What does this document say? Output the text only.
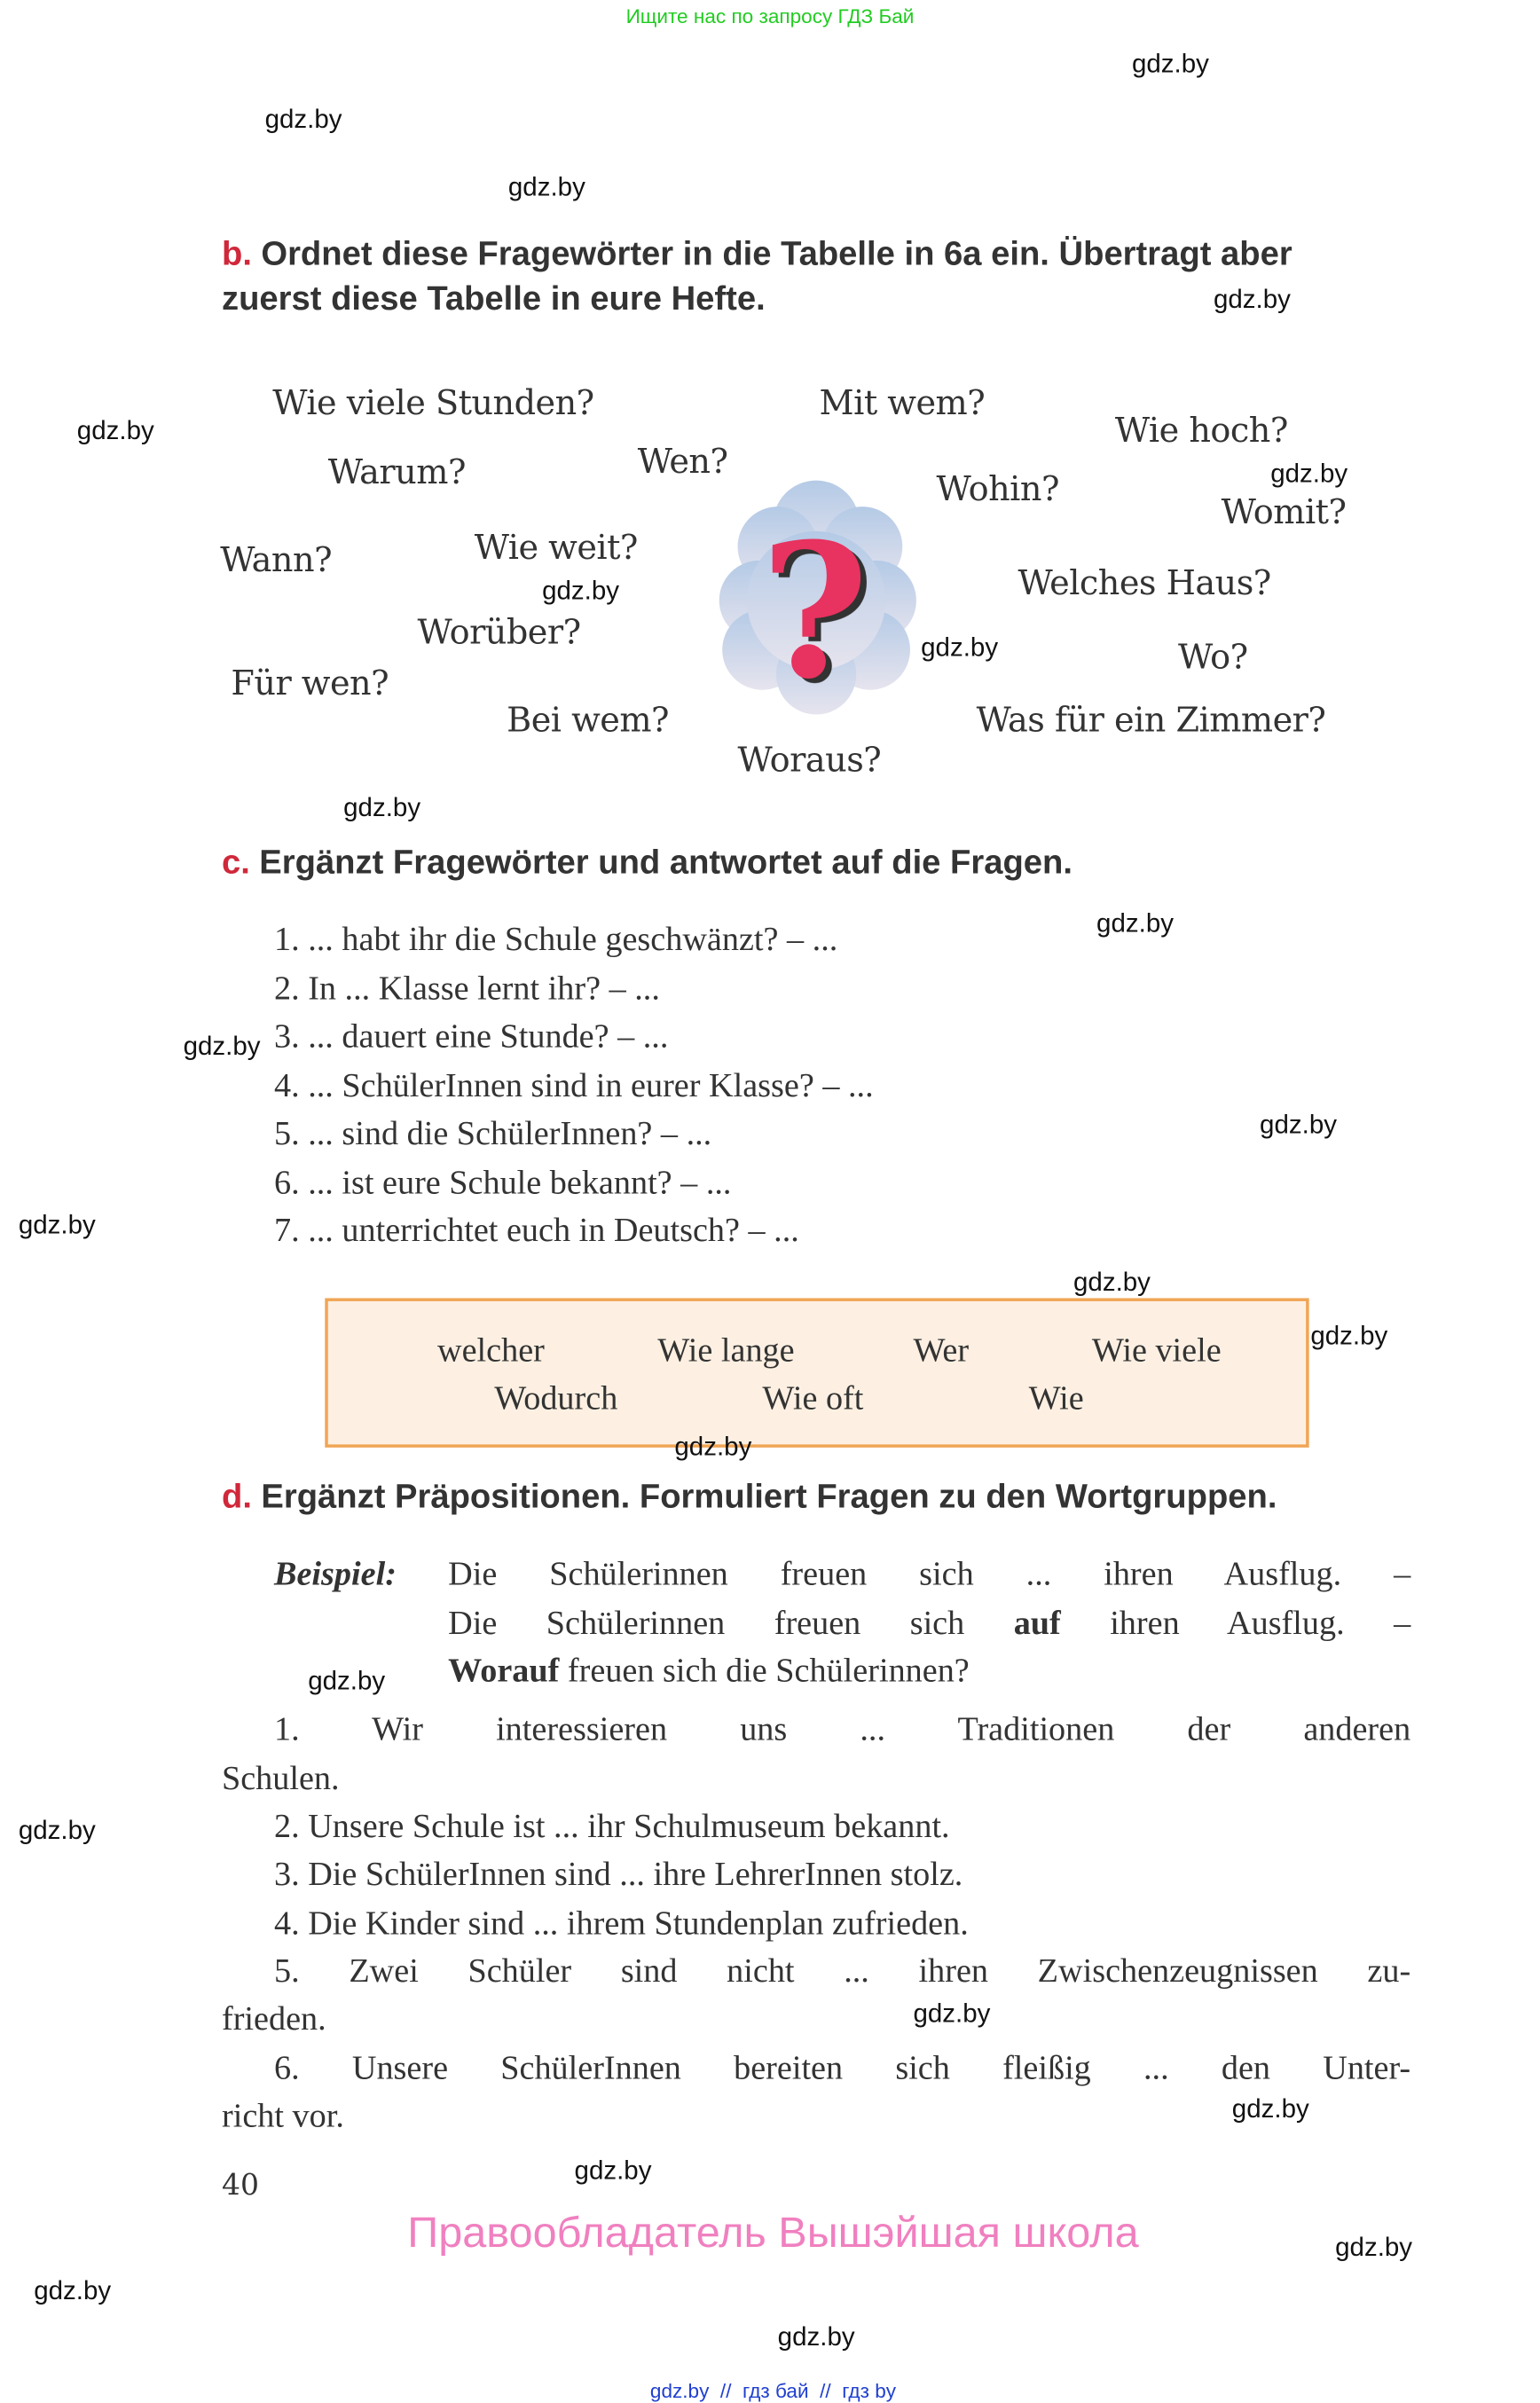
Ищите нас по запросу ГДЗ Бай
gdz.by
gdz.by
gdz.by
gdz.by
gdz.by
gdz.by
gdz.by
gdz.by
gdz.by
gdz.by
gdz.by
gdz.by
gdz.by
gdz.by
gdz.by
gdz.by
gdz.by
gdz.by
gdz.by
gdz.by
gdz.by
gdz.by
b. Ordnet diese Fragewörter in die Tabelle in 6a ein. Übertragt aber
zuerst diese Tabelle in eure Hefte.
?	gdz.by
gdz.by
Wie viele Stunden?	Mit wem?
Wie hoch?
Warum?	Wen?
Wohin?
Womit?
Wann?	Wie weit?
Welches Haus?
Worüber?
Wo?
Für wen?
Bei wem?	Was für ein Zimmer?
Woraus?
c. Ergänzt Fragewörter und antwortet auf die Fragen.
1. ... habt ihr die Schule geschwänzt? – ...
2. In ... Klasse lernt ihr? – ...
3. ... dauert eine Stunde? – ...
4. ... SchülerInnen sind in eurer Klasse? – ...
5. ... sind die SchülerInnen? – ...
6. ... ist eure Schule bekannt? – ...
7. ... unterrichtet euch in Deutsch? – ...
welcher	Wie lange	Wer	Wie viele
Wodurch	Wie oft	Wie
d. Ergänzt Präpositionen. Formuliert Fragen zu den Wortgruppen.
Beispiel:	Die Schülerinnen freuen sich ... ihren Ausflug. –
Die Schülerinnen freuen sich auf ihren Ausflug. –
Worauf freuen sich die Schülerinnen?
1. Wir interessieren uns ... Traditionen der anderen
Schulen.
2. Unsere Schule ist ... ihr Schulmuseum bekannt.
3. Die SchülerInnen sind ... ihre LehrerInnen stolz.
4. Die Kinder sind ... ihrem Stundenplan zufrieden.
5. Zwei Schüler sind nicht ... ihren Zwischenzeugnissen zu-
frieden.
6. Unsere SchülerInnen bereiten sich fleißig ... den Unter-
richt vor.
40
Правообладатель Вышэйшая школа
gdz.by  //  гдз бай  //  гдз by
